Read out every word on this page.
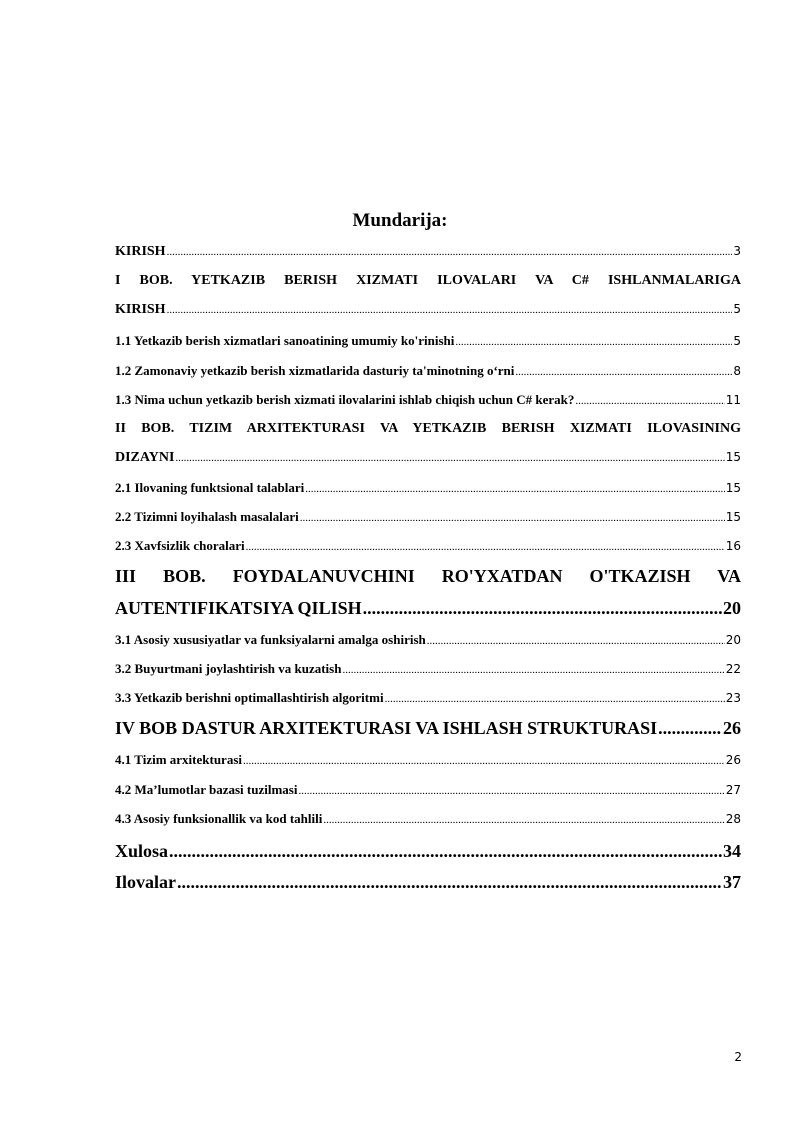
Mundarija:
KIRISH .....	3
I BOB. YETKAZIB BERISH XIZMATI ILOVALARI VA C# ISHLANMALARIGA
KIRISH .....	5
1.1 Yetkazib berish xizmatlari sanoatining umumiy ko'rinishi .....	5
1.2 Zamonaviy yetkazib berish xizmatlarida dasturiy ta'minotning o‘rni .....	8
1.3 Nima uchun yetkazib berish xizmati ilovalarini ishlab chiqish uchun C# kerak? .....	11
II BOB. TIZIM ARXITEKTURASI VA YETKAZIB BERISH XIZMATI ILOVASINING
DIZAYNI .....	15
2.1 Ilovaning funktsional talablari .....	15
2.2 Tizimni loyihalash masalalari .....	15
2.3 Xavfsizlik choralari .....	16
III BOB. FOYDALANUVCHINI RO'YXATDAN O'TKAZISH VA
AUTENTIFIKATSIYA QILISH .....	20
3.1 Asosiy xususiyatlar va funksiyalarni amalga oshirish .....	20
3.2 Buyurtmani joylashtirish va kuzatish .....	22
3.3 Yetkazib berishni optimallashtirish algoritmi .....	23
IV BOB DASTUR ARXITEKTURASI VA ISHLASH STRUKTURASI .....	26
4.1 Tizim arxitekturasi .....	26
4.2 Ma’lumotlar bazasi tuzilmasi .....	27
4.3 Asosiy funksionallik va kod tahlili .....	28
Xulosa .....	34
Ilovalar .....	37
2
